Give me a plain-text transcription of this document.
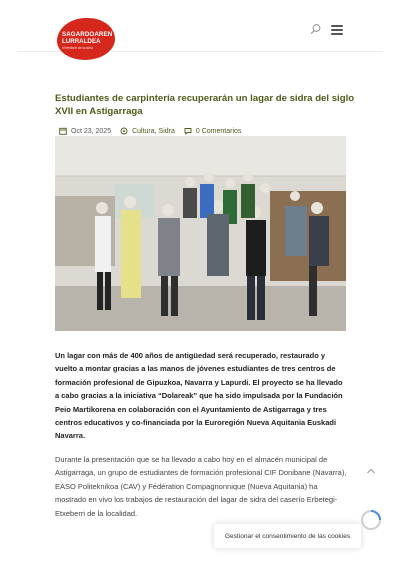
SAGARDOAREN
LURRALDEA
el territorio de la sidra
Estudiantes de carpintería recuperarán un lagar de sidra del siglo XVII en Astigarraga
Oct 23, 2025	Cultura, Sidra	0 Comentarios

Un lagar con más de 400 años de antigüedad será recuperado, restaurado y vuelto a montar gracias a las manos de jóvenes estudiantes de tres centros de formación profesional de Gipuzkoa, Navarra y Lapurdi. El proyecto se ha llevado a cabo gracias a la iniciativa “Dolareak” que ha sido impulsada por la Fundación Peio Martikorena en colaboración con el Ayuntamiento de Astigarraga y tres centros educativos y co-financiada por la Euroregión Nueva Aquitania Euskadi Navarra.

Durante la presentación que se ha llevado a cabo hoy en el almacén municipal de Astigarraga, un grupo de estudiantes de formación profesional CIF Donibane (Navarra), EASO Politeknikoa (CAV) y Fédération Compagnonnique (Nueva Aquitania) ha mostrado en vivo los trabajos de restauración del lagar de sidra del caserío Erbetegi-Etxeberri de la localidad.

Gestionar el consentimiento de las cookies
